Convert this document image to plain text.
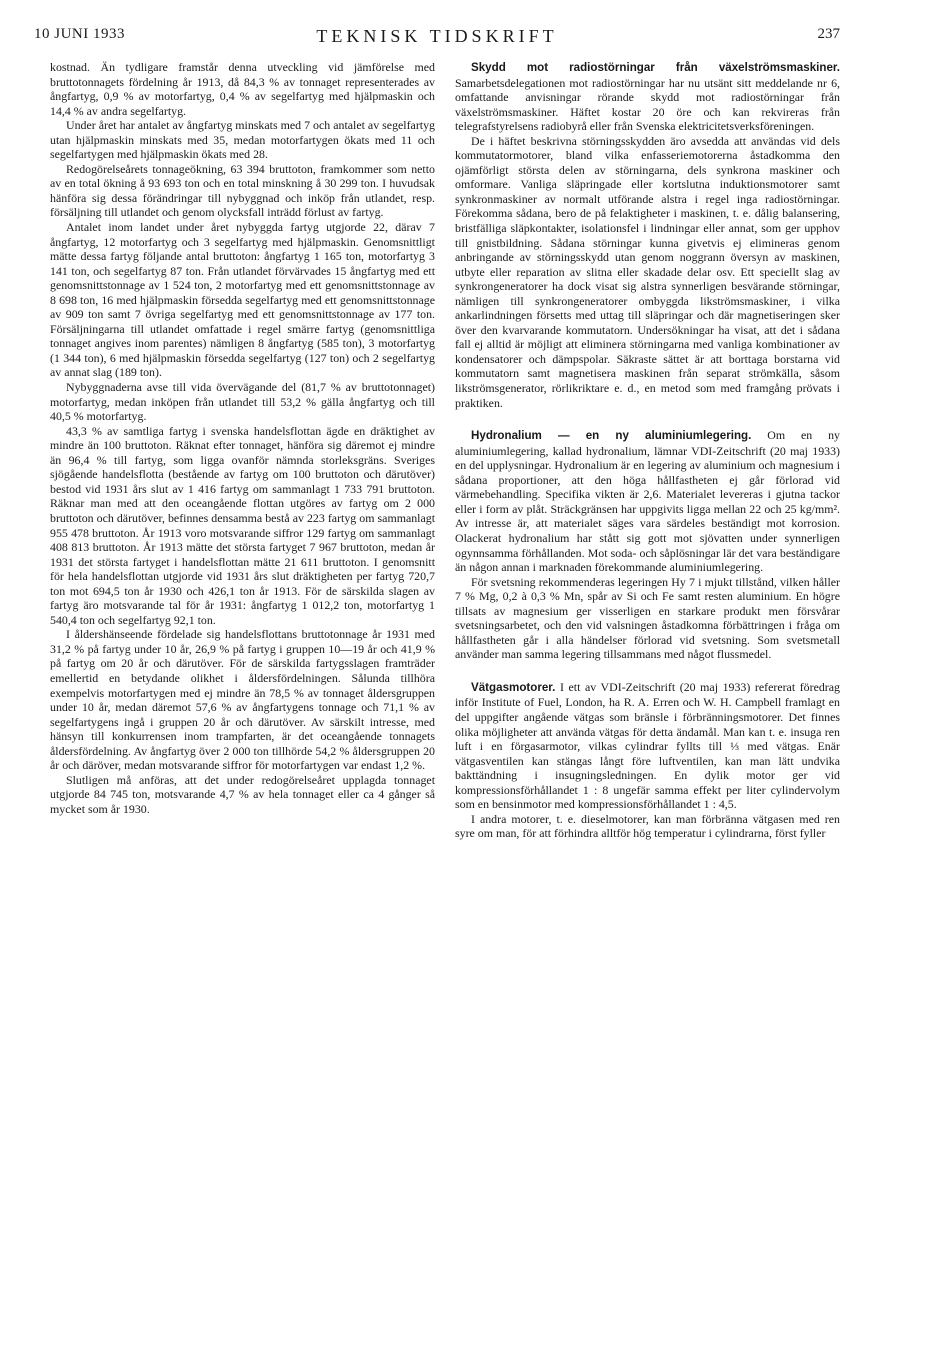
10 JUNI 1933	TEKNISK TIDSKRIFT	237

kostnad. Än tydligare framstår denna utveckling vid jämförelse med bruttotonnagets fördelning år 1913, då 84,3 % av tonnaget representerades av ångfartyg, 0,9 % av motorfartyg, 0,4 % av segelfartyg med hjälpmaskin och 14,4 % av andra segelfartyg.

Under året har antalet av ångfartyg minskats med 7 och antalet av segelfartyg utan hjälpmaskin minskats med 35, medan motorfartygen ökats med 11 och segelfartygen med hjälpmaskin ökats med 28.

Redogörelseårets tonnageökning, 63 394 bruttoton, framkommer som netto av en total ökning å 93 693 ton och en total minskning å 30 299 ton. I huvudsak hänföra sig dessa förändringar till nybyggnad och inköp från utlandet, resp. försäljning till utlandet och genom olycksfall inträdd förlust av fartyg.

Antalet inom landet under året nybyggda fartyg utgjorde 22, därav 7 ångfartyg, 12 motorfartyg och 3 segelfartyg med hjälpmaskin. Genomsnittligt mätte dessa fartyg följande antal bruttoton: ångfartyg 1 165 ton, motorfartyg 3 141 ton, och segelfartyg 87 ton. Från utlandet förvärvades 15 ångfartyg med ett genomsnittstonnage av 1 524 ton, 2 motorfartyg med ett genomsnittstonnage av 8 698 ton, 16 med hjälpmaskin försedda segelfartyg med ett genomsnittstonnage av 909 ton samt 7 övriga segelfartyg med ett genomsnittstonnage av 177 ton. Försäljningarna till utlandet omfattade i regel smärre fartyg (genomsnittliga tonnaget angives inom parentes) nämligen 8 ångfartyg (585 ton), 3 motorfartyg (1 344 ton), 6 med hjälpmaskin försedda segelfartyg (127 ton) och 2 segelfartyg av annat slag (189 ton).

Nybyggnaderna avse till vida övervägande del (81,7 % av bruttotonnaget) motorfartyg, medan inköpen från utlandet till 53,2 % gälla ångfartyg och till 40,5 % motorfartyg.

43,3 % av samtliga fartyg i svenska handelsflottan ägde en dräktighet av mindre än 100 bruttoton. Räknat efter tonnaget, hänföra sig däremot ej mindre än 96,4 % till fartyg, som ligga ovanför nämnda storleksgräns. Sveriges sjögående handelsflotta (bestående av fartyg om 100 bruttoton och därutöver) bestod vid 1931 års slut av 1 416 fartyg om sammanlagt 1 733 791 bruttoton. Räknar man med att den oceangående flottan utgöres av fartyg om 2 000 bruttoton och därutöver, befinnes densamma bestå av 223 fartyg om sammanlagt 955 478 bruttoton. År 1913 voro motsvarande siffror 129 fartyg om sammanlagt 408 813 bruttoton. År 1913 mätte det största fartyget 7 967 bruttoton, medan år 1931 det största fartyget i handelsflottan mätte 21 611 bruttoton. I genomsnitt för hela handelsflottan utgjorde vid 1931 års slut dräktigheten per fartyg 720,7 ton mot 694,5 ton år 1930 och 426,1 ton år 1913. För de särskilda slagen av fartyg äro motsvarande tal för år 1931: ångfartyg 1 012,2 ton, motorfartyg 1 540,4 ton och segelfartyg 92,1 ton.

I åldershänseende fördelade sig handelsflottans bruttotonnage år 1931 med 31,2 % på fartyg under 10 år, 26,9 % på fartyg i gruppen 10—19 år och 41,9 % på fartyg om 20 år och därutöver. För de särskilda fartygsslagen framträder emellertid en betydande olikhet i åldersfördelningen. Sålunda tillhöra exempelvis motorfartygen med ej mindre än 78,5 % av tonnaget åldersgruppen under 10 år, medan däremot 57,6 % av ångfartygens tonnage och 71,1 % av segelfartygens ingå i gruppen 20 år och därutöver. Av särskilt intresse, med hänsyn till konkurrensen inom trampfarten, är det oceangående tonnagets åldersfördelning. Av ångfartyg över 2 000 ton tillhörde 54,2 % åldersgruppen 20 år och däröver, medan motsvarande siffror för motorfartygen var endast 1,2 %.

Slutligen må anföras, att det under redogörelseåret upplagda tonnaget utgjorde 84 745 ton, motsvarande 4,7 % av hela tonnaget eller ca 4 gånger så mycket som år 1930.

Skydd mot radiostörningar från växelströmsmaskiner. Samarbetsdelegationen mot radiostörningar har nu utsänt sitt meddelande nr 6, omfattande anvisningar rörande skydd mot radiostörningar från växelströmsmaskiner. Häftet kostar 20 öre och kan rekvireras från telegrafstyrelsens radiobyrå eller från Svenska elektricitetsverksföreningen.

De i häftet beskrivna störningsskydden äro avsedda att användas vid dels kommutatormotorer, bland vilka enfasseriemotorerna åstadkomma den ojämförligt största delen av störningarna, dels synkrona maskiner och omformare. Vanliga släpringade eller kortslutna induktionsmotorer samt synkronmaskiner av normalt utförande alstra i regel inga radiostörningar. Förekomma sådana, bero de på felaktigheter i maskinen, t. e. dålig balansering, bristfälliga släpkontakter, isolationsfel i lindningar eller annat, som ger upphov till gnistbildning. Sådana störningar kunna givetvis ej elimineras genom anbringande av störningsskydd utan genom noggrann översyn av maskinen, utbyte eller reparation av slitna eller skadade delar osv. Ett speciellt slag av synkrongeneratorer ha dock visat sig alstra synnerligen besvärande störningar, nämligen till synkrongeneratorer ombyggda likströmsmaskiner, i vilka ankarlindningen försetts med uttag till släpringar och där magnetiseringen sker över den kvarvarande kommutatorn. Undersökningar ha visat, att det i sådana fall ej alltid är möjligt att eliminera störningarna med vanliga kombinationer av kondensatorer och dämpspolar. Säkraste sättet är att borttaga borstarna vid kommutatorn samt magnetisera maskinen från separat strömkälla, såsom likströmsgenerator, rörlikriktare e. d., en metod som med framgång prövats i praktiken.

Hydronalium — en ny aluminiumlegering. Om en ny aluminiumlegering, kallad hydronalium, lämnar VDI-Zeitschrift (20 maj 1933) en del upplysningar. Hydronalium är en legering av aluminium och magnesium i sådana proportioner, att den höga hållfastheten ej går förlorad vid värmebehandling. Specifika vikten är 2,6. Materialet levereras i gjutna tackor eller i form av plåt. Sträckgränsen har uppgivits ligga mellan 22 och 25 kg/mm². Av intresse är, att materialet säges vara särdeles beständigt mot korrosion. Olackerat hydronalium har stått sig gott mot sjövatten under synnerligen ogynnsamma förhållanden. Mot soda- och såplösningar lär det vara beständigare än någon annan i marknaden förekommande aluminiumlegering.

För svetsning rekommenderas legeringen Hy 7 i mjukt tillstånd, vilken håller 7 % Mg, 0,2 à 0,3 % Mn, spår av Si och Fe samt resten aluminium. En högre tillsats av magnesium ger visserligen en starkare produkt men försvårar svetsningsarbetet, och den vid valsningen åstadkomna förbättringen i fråga om hållfastheten går i alla händelser förlorad vid svetsning. Som svetsmetall använder man samma legering tillsammans med något flussmedel.

Vätgasmotorer. I ett av VDI-Zeitschrift (20 maj 1933) refererat föredrag inför Institute of Fuel, London, ha R. A. Erren och W. H. Campbell framlagt en del uppgifter angående vätgas som bränsle i förbränningsmotorer. Det finnes olika möjligheter att använda vätgas för detta ändamål. Man kan t. e. insuga ren luft i en förgasarmotor, vilkas cylindrar fyllts till ⅓ med vätgas. Enär vätgasventilen kan stängas långt före luftventilen, kan man lätt undvika bakttändning i insugningsledningen. En dylik motor ger vid kompressionsförhållandet 1 : 8 ungefär samma effekt per liter cylindervolym som en bensinmotor med kompressionsförhållandet 1 : 4,5.

I andra motorer, t. e. dieselmotorer, kan man förbränna vätgasen med ren syre om man, för att förhindra alltför hög temperatur i cylindrarna, först fyller
